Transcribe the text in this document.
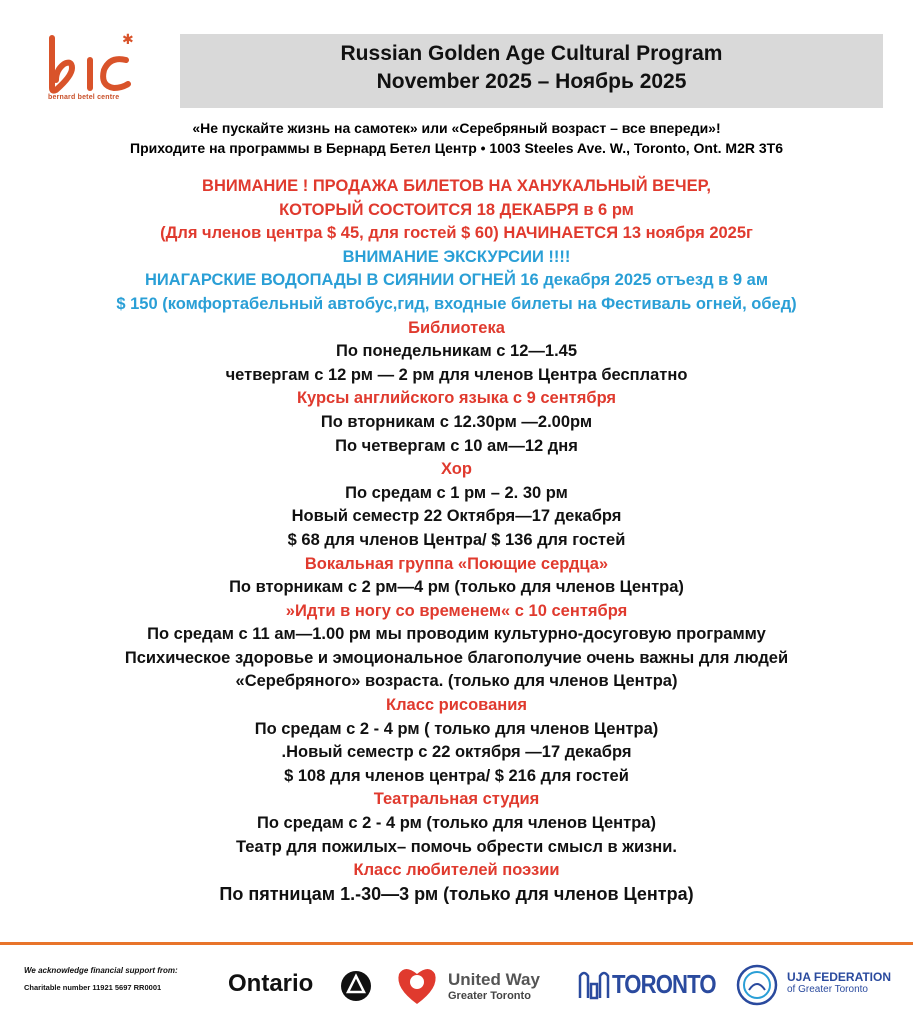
✱
bernard betel centre
Russian Golden Age Cultural Program
November 2025 – Ноябрь 2025
«Не пускайте жизнь на самотек» или «Серебряный возраст – все впереди»!
Приходите на программы в Бернард Бетел Центр • 1003 Steeles Ave. W., Toronto, Ont. M2R 3T6
ВНИМАНИЕ ! ПРОДАЖА БИЛЕТОВ НА ХАНУКАЛЬНЫЙ ВЕЧЕР,
КОТОРЫЙ СОСТОИТСЯ 18 ДЕКАБРЯ в 6 рм
(Для членов центра $ 45, для гостей $ 60) НАЧИНАЕТСЯ 13 ноября 2025г
ВНИМАНИЕ ЭКСКУРСИИ !!!!
НИАГАРСКИЕ ВОДОПАДЫ В СИЯНИИ ОГНЕЙ 16 декабря 2025 отъезд в 9 ам
$ 150 (комфортабельный автобус,гид, входные билеты на Фестиваль огней, обед)
Библиотека
По понедельникам с 12—1.45
четвергам с 12 рм — 2 рм для членов Центра бесплатно
Курсы английского языка с 9 сентября
По вторникам с 12.30рм —2.00рм
По четвергам с 10 ам—12 дня
Хор
По средам с 1 рм – 2. 30 рм
Новый семестр 22 Октября—17 декабря
$ 68 для членов Центра/ $ 136 для гостей
Вокальная группа «Поющие сердца»
По вторникам с 2 рм—4 рм (только для членов Центра)
»Идти в ногу со временем« с 10 сентября
По средам с 11 ам—1.00 рм мы проводим культурно-досуговую программу
Психическое здоровье и эмоциональное благополучие очень важны для людей
«Серебряного» возраста. (только для членов Центра)
Класс рисования
По средам с 2 - 4 рм ( только для членов Центра)
.Новый семестр с 22 октября —17 декабря
$ 108 для членов центра/ $ 216 для гостей
Театральная студия
По средам с 2 - 4 рм (только для членов Центра)
Театр для пожилых– помочь обрести смысл в жизни.
Класс любителей поэзии
По пятницам 1.-30—3 рм (только для членов Центра)
We acknowledge financial support from:
Charitable number 11921 5697 RR0001	Ontario	United Way
Greater Toronto	TORONTO	UJA FEDERATION
of Greater Toronto
